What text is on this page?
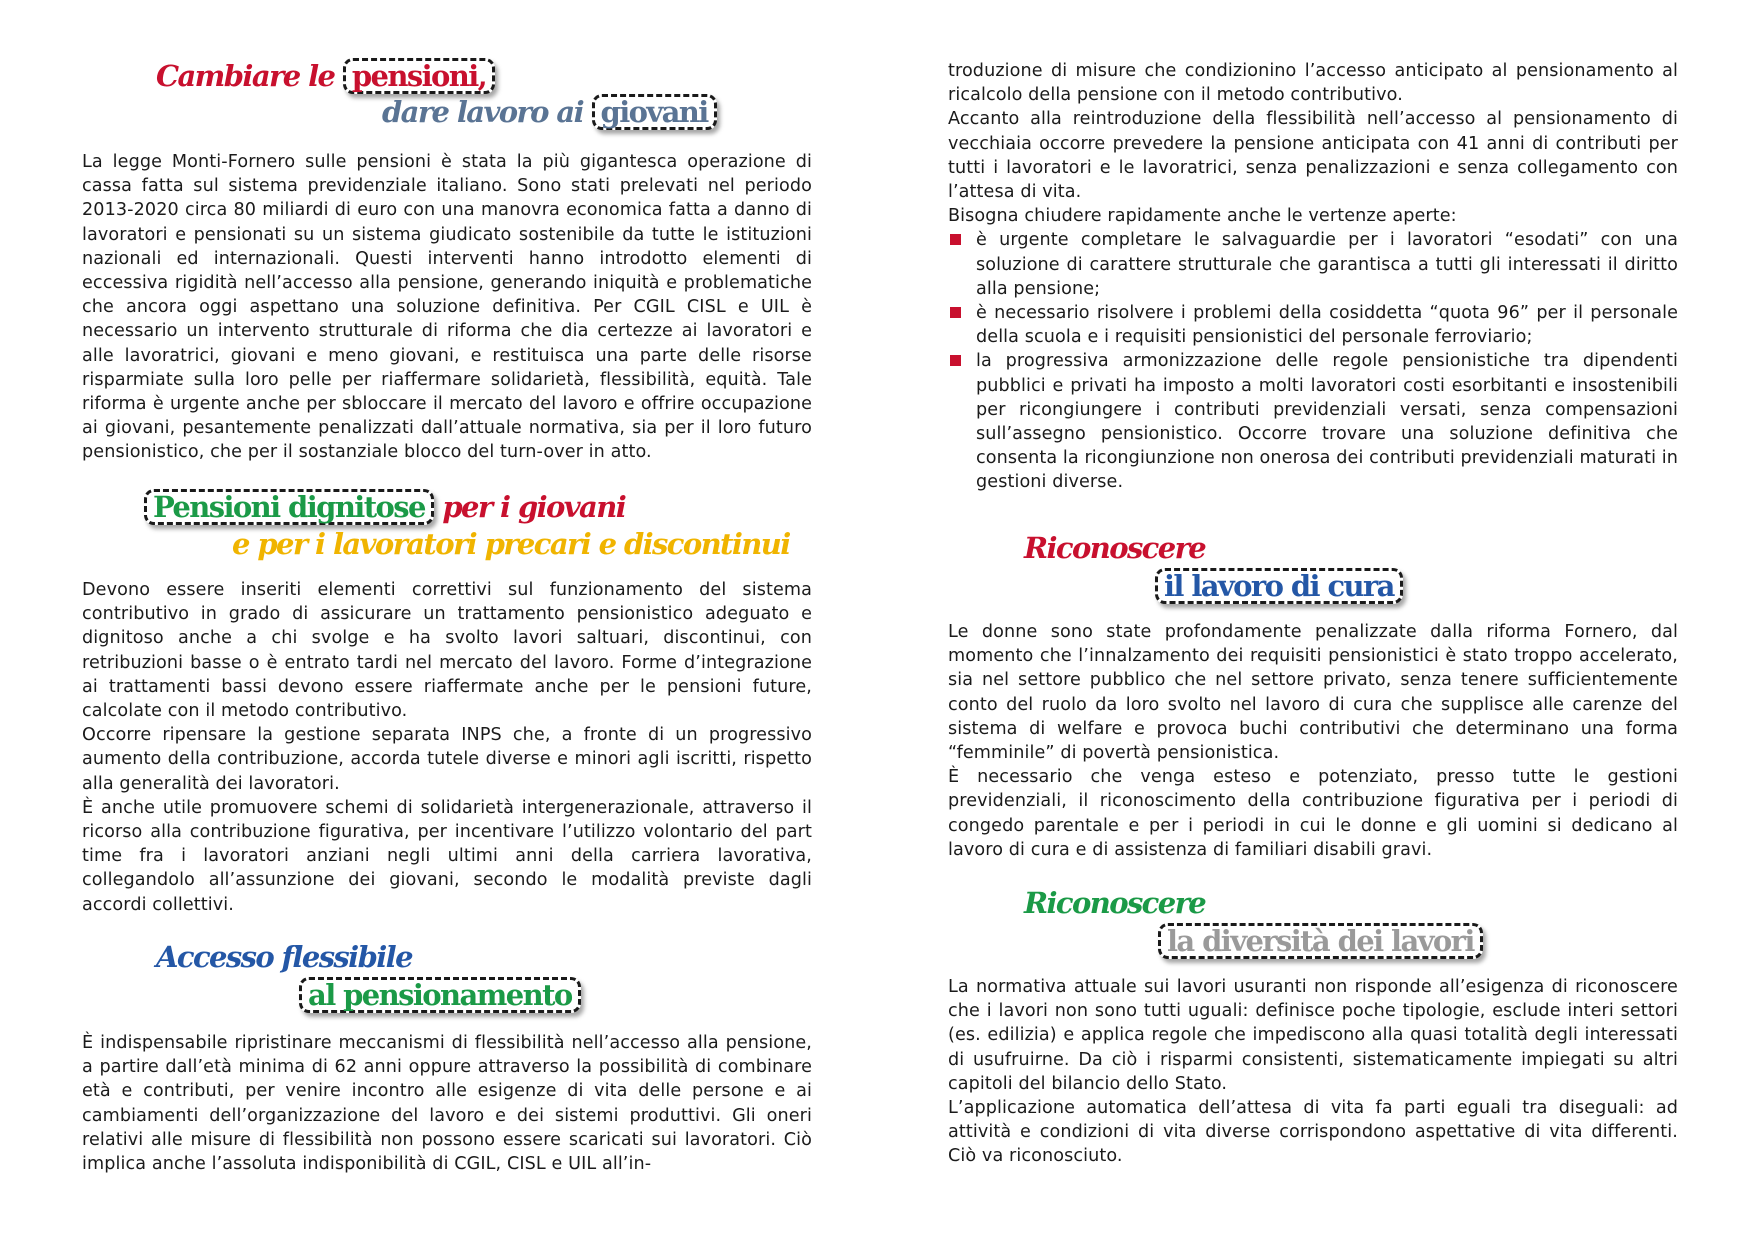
Cambiare le pensioni,
dare lavoro ai giovani

La legge Monti-Fornero sulle pensioni è stata la più gigantesca operazione di cassa fatta sul sistema previdenziale italiano. Sono stati prelevati nel periodo 2013-2020 circa 80 miliardi di euro con una manovra economica fatta a danno di lavoratori e pensionati su un sistema giudicato sostenibile da tutte le istituzioni nazionali ed internazionali. Questi interventi hanno introdotto elementi di eccessiva rigidità nell’accesso alla pensione, generando iniquità e problematiche che ancora oggi aspettano una soluzione definitiva. Per CGIL CISL e UIL è necessario un intervento strutturale di riforma che dia certezze ai lavoratori e alle lavoratrici, giovani e meno giovani, e restituisca una parte delle risorse risparmiate sulla loro pelle per riaffermare solidarietà, flessibilità, equità. Tale riforma è urgente anche per sbloccare il mercato del lavoro e offrire occupazione ai giovani, pesantemente penalizzati dall’attuale normativa, sia per il loro futuro pensionistico, che per il sostanziale blocco del turn-over in atto.

Pensioni dignitose per i giovani
e per i lavoratori precari e discontinui

Devono essere inseriti elementi correttivi sul funzionamento del sistema contributivo in grado di assicurare un trattamento pensionistico adeguato e dignitoso anche a chi svolge e ha svolto lavori saltuari, discontinui, con retribuzioni basse o è entrato tardi nel mercato del lavoro. Forme d’integrazione ai trattamenti bassi devono essere riaffermate anche per le pensioni future, calcolate con il metodo contributivo.

Occorre ripensare la gestione separata INPS che, a fronte di un progressivo aumento della contribuzione, accorda tutele diverse e minori agli iscritti, rispetto alla generalità dei lavoratori.

È anche utile promuovere schemi di solidarietà intergenerazionale, attraverso il ricorso alla contribuzione figurativa, per incentivare l’utilizzo volontario del part time fra i lavoratori anziani negli ultimi anni della carriera lavorativa, collegandolo all’assunzione dei giovani, secondo le modalità previste dagli accordi collettivi.

Accesso flessibile
al pensionamento

È indispensabile ripristinare meccanismi di flessibilità nell’accesso alla pensione, a partire dall’età minima di 62 anni oppure attraverso la possibilità di combinare età e contributi, per venire incontro alle esigenze di vita delle persone e ai cambiamenti dell’organizzazione del lavoro e dei sistemi produttivi. Gli oneri relativi alle misure di flessibilità non possono essere scaricati sui lavoratori. Ciò implica anche l’assoluta indisponibilità di CGIL, CISL e UIL all’in-

troduzione di misure che condizionino l’accesso anticipato al pensionamento al ricalcolo della pensione con il metodo contributivo.

Accanto alla reintroduzione della flessibilità nell’accesso al pensionamento di vecchiaia occorre prevedere la pensione anticipata con 41 anni di contributi per tutti i lavoratori e le lavoratrici, senza penalizzazioni e senza collegamento con l’attesa di vita.

Bisogna chiudere rapidamente anche le vertenze aperte:

è urgente completare le salvaguardie per i lavoratori “esodati” con una soluzione di carattere strutturale che garantisca a tutti gli interessati il diritto alla pensione;
è necessario risolvere i problemi della cosiddetta “quota 96” per il personale della scuola e i requisiti pensionistici del personale ferroviario;
la progressiva armonizzazione delle regole pensionistiche tra dipendenti pubblici e privati ha imposto a molti lavoratori costi esorbitanti e insostenibili per ricongiungere i contributi previdenziali versati, senza compensazioni sull’assegno pensionistico. Occorre trovare una soluzione definitiva che consenta la ricongiunzione non onerosa dei contributi previdenziali maturati in gestioni diverse.
Riconoscere
il lavoro di cura

Le donne sono state profondamente penalizzate dalla riforma Fornero, dal momento che l’innalzamento dei requisiti pensionistici è stato troppo accelerato, sia nel settore pubblico che nel settore privato, senza tenere sufficientemente conto del ruolo da loro svolto nel lavoro di cura che supplisce alle carenze del sistema di welfare e provoca buchi contributivi che determinano una forma “femminile” di povertà pensionistica.

È necessario che venga esteso e potenziato, presso tutte le gestioni previdenziali, il riconoscimento della contribuzione figurativa per i periodi di congedo parentale e per i periodi in cui le donne e gli uomini si dedicano al lavoro di cura e di assistenza di familiari disabili gravi.

Riconoscere
la diversità dei lavori

La normativa attuale sui lavori usuranti non risponde all’esigenza di riconoscere che i lavori non sono tutti uguali: definisce poche tipologie, esclude interi settori (es. edilizia) e applica regole che impediscono alla quasi totalità degli interessati di usufruirne. Da ciò i risparmi consistenti, sistematicamente impiegati su altri capitoli del bilancio dello Stato.

L’applicazione automatica dell’attesa di vita fa parti eguali tra diseguali: ad attività e condizioni di vita diverse corrispondono aspettative di vita differenti. Ciò va riconosciuto.
